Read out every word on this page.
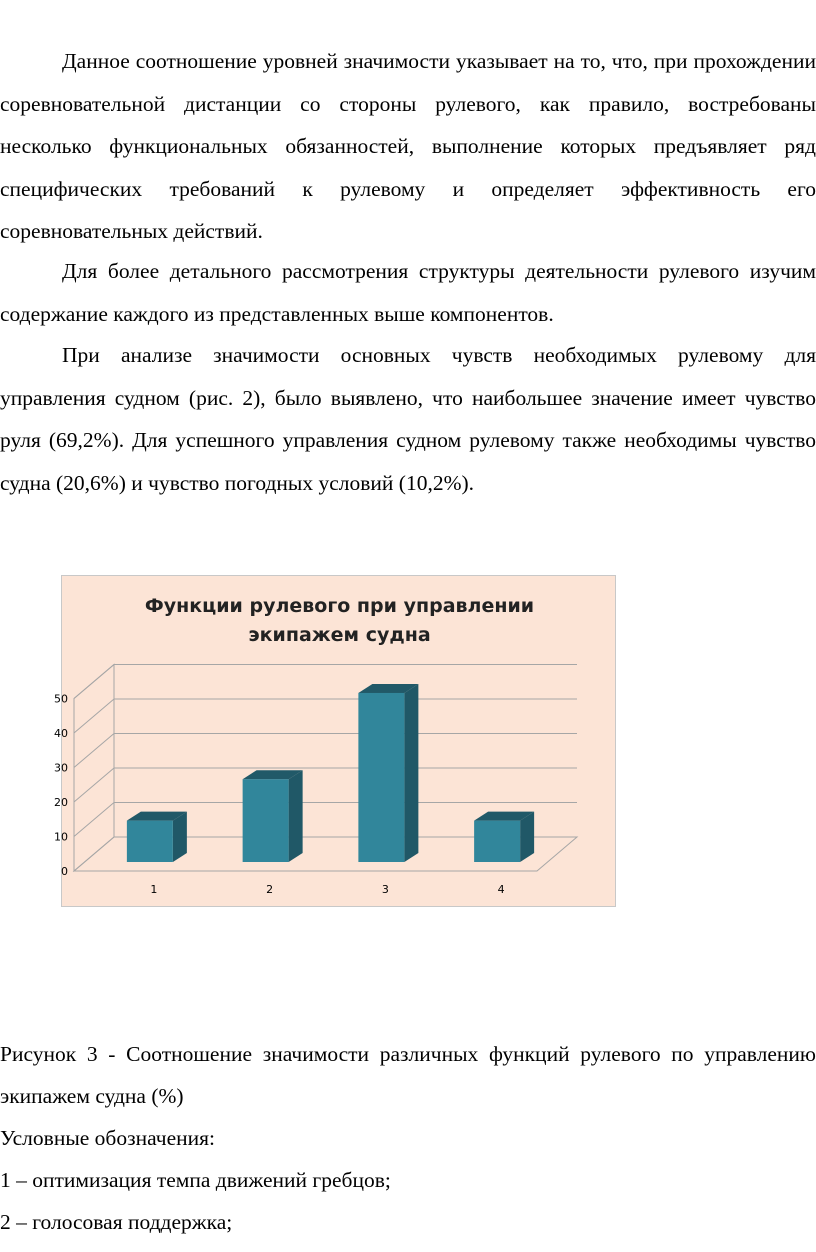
Данное соотношение уровней значимости указывает на то, что, при прохождении соревновательной дистанции со стороны рулевого, как правило, востребованы несколько функциональных обязанностей, выполнение которых предъявляет ряд специфических требований к рулевому и определяет эффективность его соревновательных действий.

Для более детального рассмотрения структуры деятельности рулевого изучим содержание каждого из представленных выше компонентов.

При анализе значимости основных чувств необходимых рулевому для управления судном (рис. 2), было выявлено, что наибольшее значение имеет чувство руля (69,2%). Для успешного управления судном рулевому также необходимы чувство судна (20,6%) и чувство погодных условий (10,2%).

Функции рулевого при управлении
экипажем судна
0
10
20
30
40
50
1	2	3	4

Рисунок 3 - Соотношение значимости различных функций рулевого по управлению экипажем судна (%)

Условные обозначения:

1 – оптимизация темпа движений гребцов;

2 – голосовая поддержка;
